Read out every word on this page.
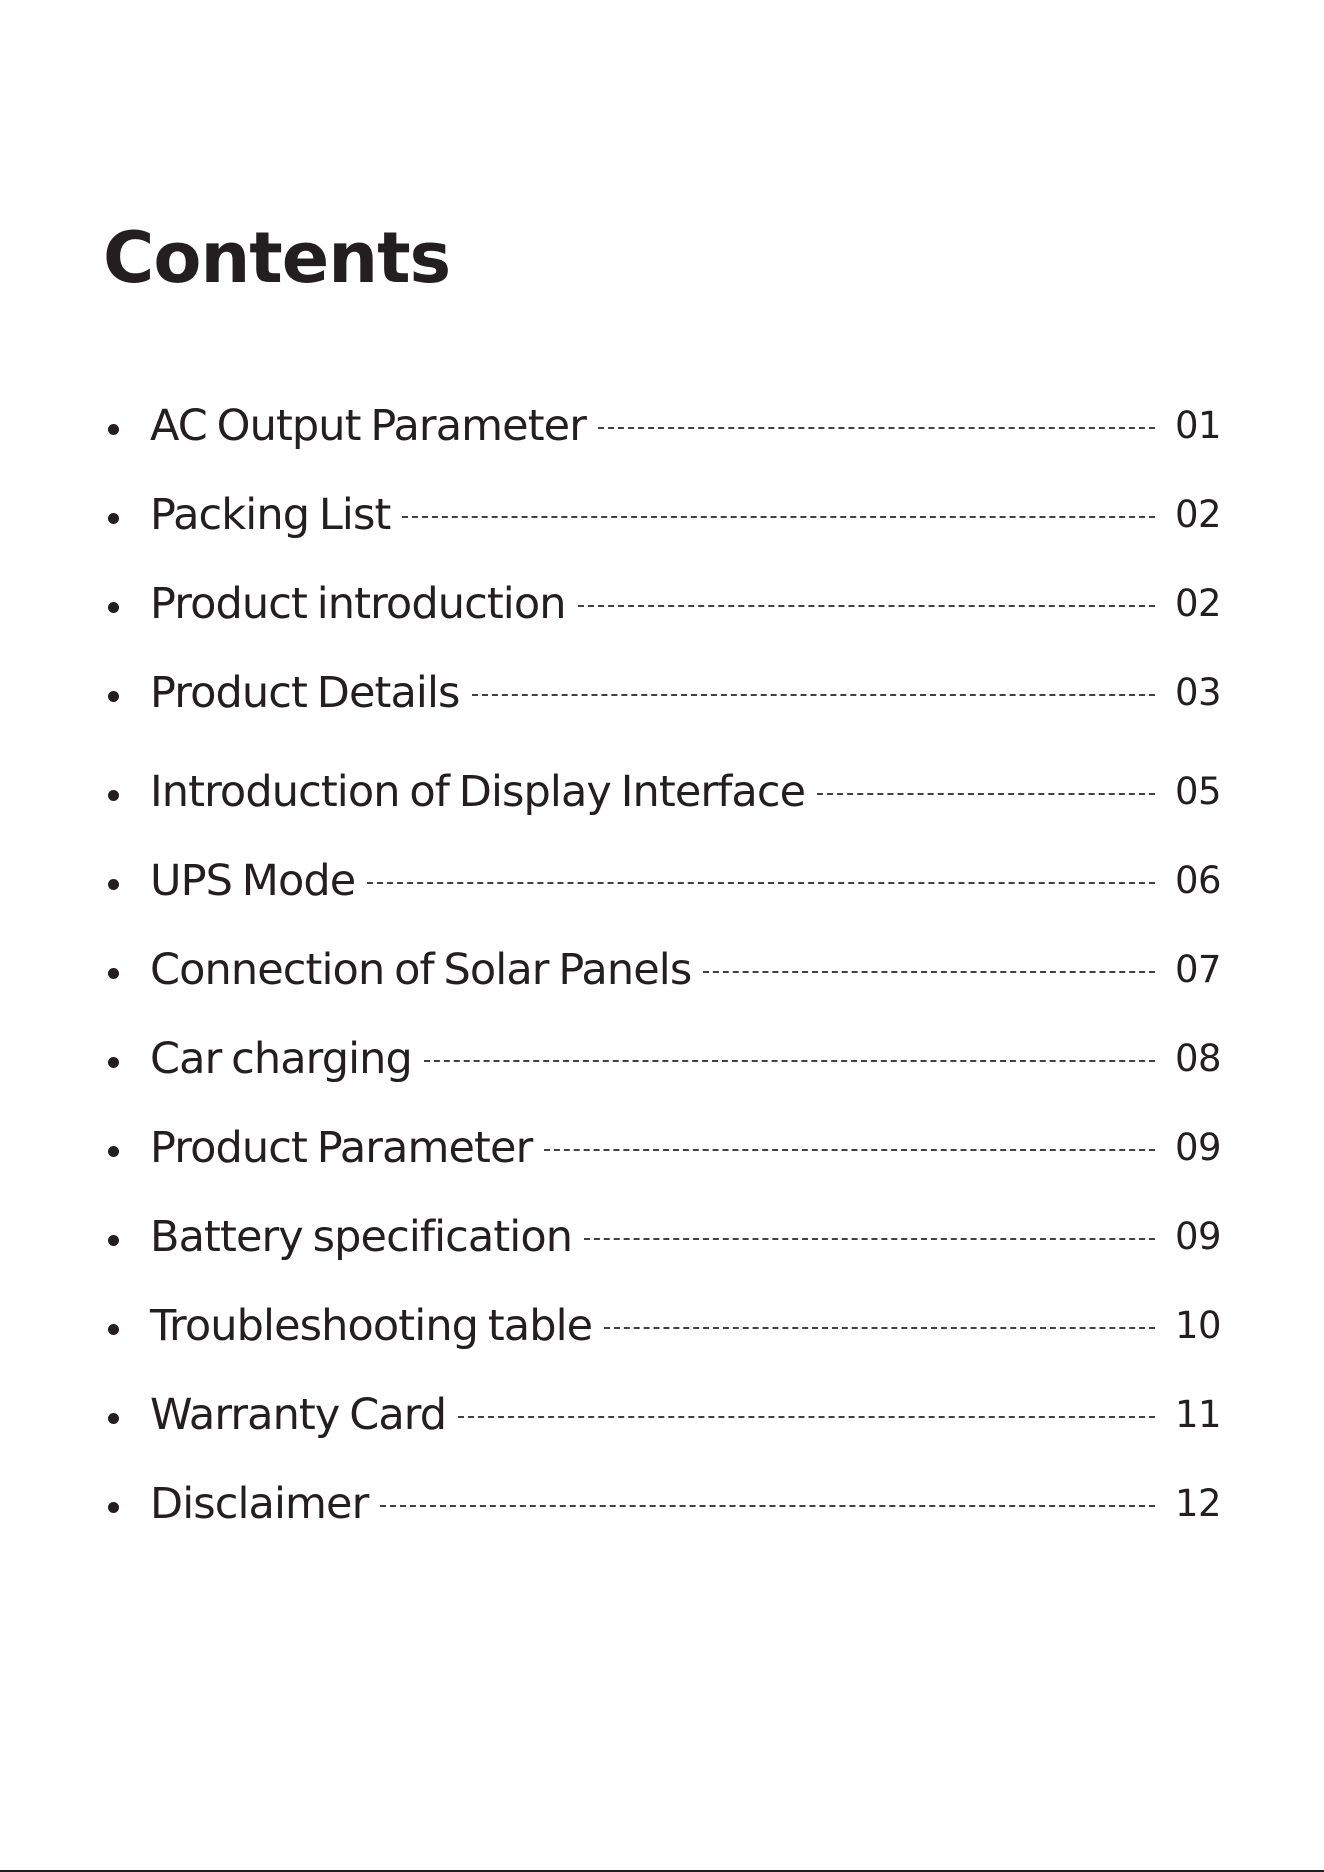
Contents
AC Output Parameter	01
Packing List	02
Product introduction	02
Product Details	03
Introduction of Display Interface	05
UPS Mode	06
Connection of Solar Panels	07
Car charging	08
Product Parameter	09
Battery specification	09
Troubleshooting table	10
Warranty Card	11
Disclaimer	12
